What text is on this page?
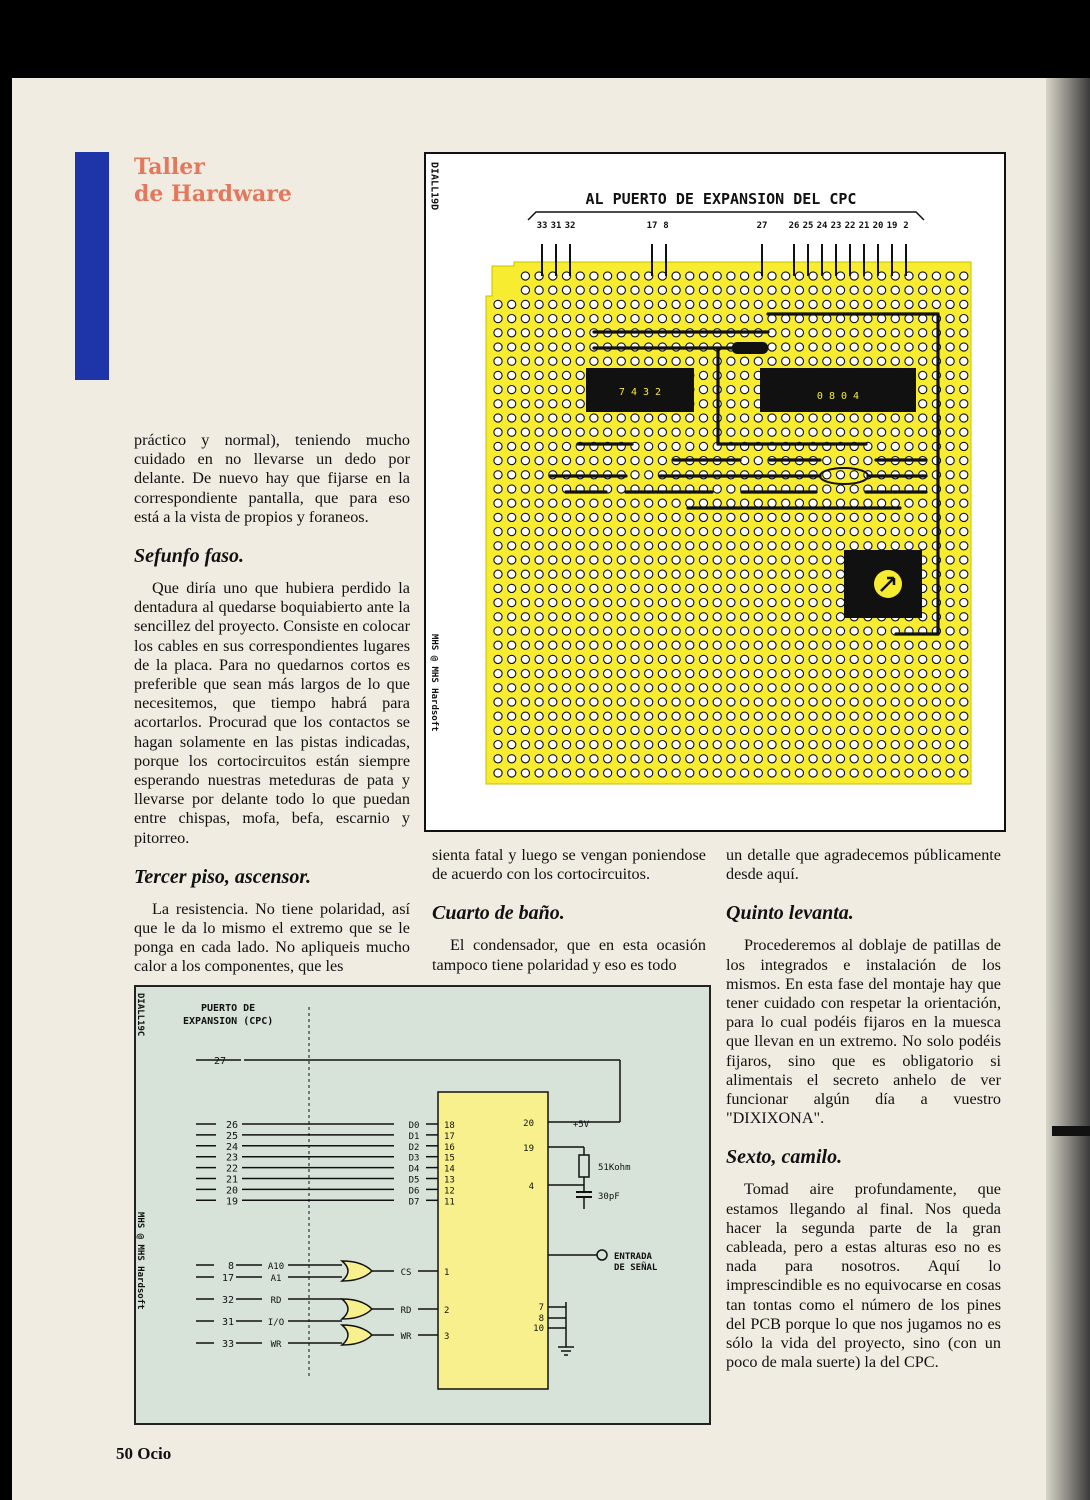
Taller
de Hardware

práctico y normal), teniendo mucho cuidado en no llevarse un dedo por delante. De nuevo hay que fijarse en la correspondiente pantalla, que para eso está a la vista de propios y foraneos.

Sefunfo faso.

Que diría uno que hubiera perdido la dentadura al quedarse boquiabierto ante la sencillez del proyecto. Consiste en colocar los cables en sus correspondientes lugares de la placa. Para no quedarnos cortos es preferible que sean más largos de lo que necesitemos, que tiempo habrá para acortarlos. Procurad que los contactos se hagan solamente en las pistas indicadas, porque los cortocircuitos están siempre esperando nuestras meteduras de pata y llevarse por delante todo lo que puedan entre chispas, mofa, befa, escarnio y pitorreo.

Tercer piso, ascensor.

La resistencia. No tiene polaridad, así que le da lo mismo el extremo que se le ponga en cada lado. No apliqueis mucho calor a los componentes, que les

sienta fatal y luego se vengan poniendose de acuerdo con los cortocircuitos.

Cuarto de baño.

El condensador, que en esta ocasión tampoco tiene polaridad y eso es todo

un detalle que agradecemos públicamente desde aquí.

Quinto levanta.

Procederemos al doblaje de patillas de los integrados e instalación de los mismos. En esta fase del montaje hay que tener cuidado con respetar la orientación, para lo cual podéis fijaros en la muesca que llevan en un extremo. No solo podéis fijaros, sino que es obligatorio si alimentais el secreto anhelo de ver funcionar algún día a vuestro "DIXIXONA".

Sexto, camilo.

Tomad aire profundamente, que estamos llegando al final. Nos queda hacer la segunda parte de la gran cableada, pero a estas alturas eso no es nada para nosotros. Aquí lo imprescindible es no equivocarse en cosas tan tontas como el número de los pines del PCB porque lo que nos jugamos no es sólo la vida del proyecto, sino (con un poco de mala suerte) la del CPC.

DIALL19D
MHS @ MHS Hardsoft
AL PUERTO DE EXPANSION DEL CPC
33 31 32	17 8	27 26 25 24 23 22 21 20 19 2
7 4 3 2	0 8 0 4
DIALL19C
MHS @ MHS Hardsoft
PUERTO DE
EXPANSION (CPC)
27
26	D0	18
25	D1	17
24	D2	16
23	D3	15
22	D4	14
21	D5	13
20	D6	12
19	D7	11
20	+5V
19
4
51Kohm
30pF
ENTRADA
DE SEÑAL
7
8
10
8	A10
17	A1
32	RD
31	I/O
33	WR
CS	1
RD	2
WR	3
50 Ocio
